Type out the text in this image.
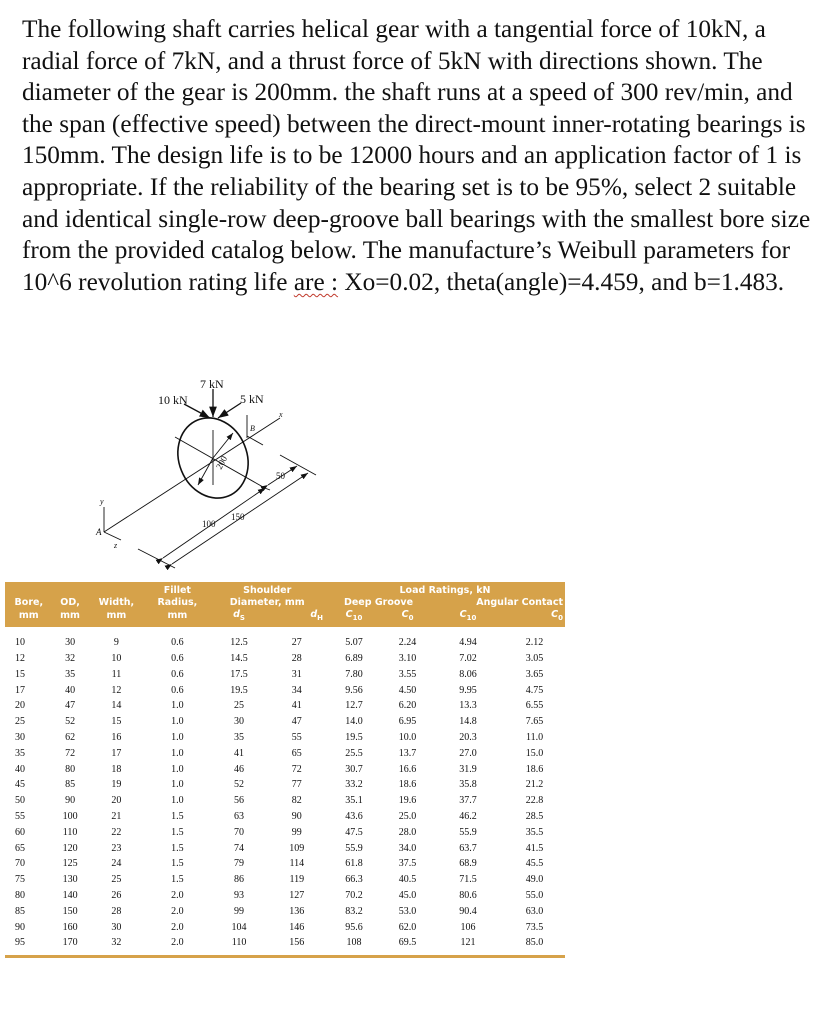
The following shaft carries helical gear with a tangential force of 10kN, a radial force of 7kN, and a thrust force of 5kN with directions shown. The diameter of the gear is 200mm. the shaft runs at a speed of 300 rev/min, and the span (effective speed) between the direct-mount inner-rotating bearings is 150mm. The design life is to be 12000 hours and an application factor of 1 is appropriate. If the reliability of the bearing set is to be 95%, select 2 suitable and identical single-row deep-groove ball bearings with the smallest bore size from the provided catalog below. The manufacture’s Weibull parameters for 10^6 revolution rating life are : Xo=0.02, theta(angle)=4.459, and b=1.483.

7 kN
10 kN	5 kN
200
100
150
50
A
B
x
y
z
			Fillet	Shoulder		Load Ratings, kN			
Bore,	OD,	Width,	Radius,	Diameter, mm		Deep Groove		Angular Contact	
mm	mm	mm	mm	$d_S$	$d_H$	$C_{10}$	$C_0$	$C_{10}$	$C_0$
10	30	9	0.6	12.5	27	5.07	2.24	4.94	2.12
12	32	10	0.6	14.5	28	6.89	3.10	7.02	3.05
15	35	11	0.6	17.5	31	7.80	3.55	8.06	3.65
17	40	12	0.6	19.5	34	9.56	4.50	9.95	4.75
20	47	14	1.0	25	41	12.7	6.20	13.3	6.55
25	52	15	1.0	30	47	14.0	6.95	14.8	7.65
30	62	16	1.0	35	55	19.5	10.0	20.3	11.0
35	72	17	1.0	41	65	25.5	13.7	27.0	15.0
40	80	18	1.0	46	72	30.7	16.6	31.9	18.6
45	85	19	1.0	52	77	33.2	18.6	35.8	21.2
50	90	20	1.0	56	82	35.1	19.6	37.7	22.8
55	100	21	1.5	63	90	43.6	25.0	46.2	28.5
60	110	22	1.5	70	99	47.5	28.0	55.9	35.5
65	120	23	1.5	74	109	55.9	34.0	63.7	41.5
70	125	24	1.5	79	114	61.8	37.5	68.9	45.5
75	130	25	1.5	86	119	66.3	40.5	71.5	49.0
80	140	26	2.0	93	127	70.2	45.0	80.6	55.0
85	150	28	2.0	99	136	83.2	53.0	90.4	63.0
90	160	30	2.0	104	146	95.6	62.0	106	73.5
95	170	32	2.0	110	156	108	69.5	121	85.0
